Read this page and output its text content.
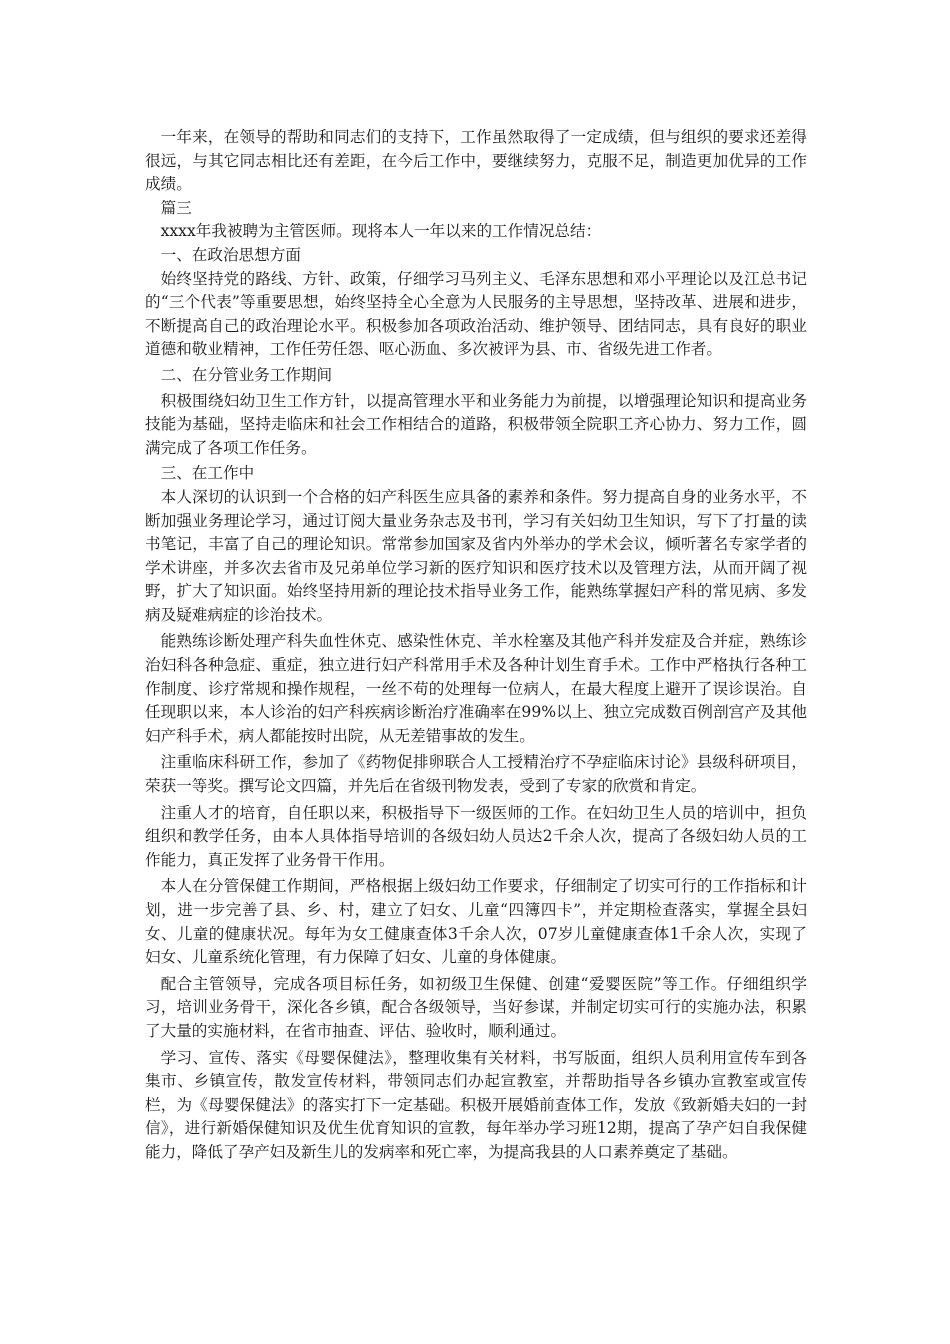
一年来，在领导的帮助和同志们的支持下，工作虽然取得了一定成绩，但与组织的要求还差得很远，与其它同志相比还有差距，在今后工作中，要继续努力，克服不足，制造更加优异的工作成绩。

篇三

xxxx年我被聘为主管医师。现将本人一年以来的工作情况总结：

一、在政治思想方面

始终坚持党的路线、方针、政策，仔细学习马列主义、毛泽东思想和邓小平理论以及江总书记的“三个代表”等重要思想，始终坚持全心全意为人民服务的主导思想，坚持改革、进展和进步，不断提高自己的政治理论水平。积极参加各项政治活动、维护领导、团结同志，具有良好的职业道德和敬业精神，工作任劳任怨、呕心沥血、多次被评为县、市、省级先进工作者。

二、在分管业务工作期间

积极围绕妇幼卫生工作方针，以提高管理水平和业务能力为前提，以增强理论知识和提高业务技能为基础，坚持走临床和社会工作相结合的道路，积极带领全院职工齐心协力、努力工作，圆满完成了各项工作任务。

三、在工作中

本人深切的认识到一个合格的妇产科医生应具备的素养和条件。努力提高自身的业务水平，不断加强业务理论学习，通过订阅大量业务杂志及书刊，学习有关妇幼卫生知识，写下了打量的读书笔记，丰富了自己的理论知识。常常参加国家及省内外举办的学术会议，倾听著名专家学者的学术讲座，并多次去省市及兄弟单位学习新的医疗知识和医疗技术以及管理方法，从而开阔了视野，扩大了知识面。始终坚持用新的理论技术指导业务工作，能熟练掌握妇产科的常见病、多发病及疑难病症的诊治技术。

能熟练诊断处理产科失血性休克、感染性休克、羊水栓塞及其他产科并发症及合并症，熟练诊治妇科各种急症、重症，独立进行妇产科常用手术及各种计划生育手术。工作中严格执行各种工作制度、诊疗常规和操作规程，一丝不苟的处理每一位病人，在最大程度上避开了误诊误治。自任现职以来，本人诊治的妇产科疾病诊断治疗准确率在99%以上、独立完成数百例剖宫产及其他妇产科手术，病人都能按时出院，从无差错事故的发生。

注重临床科研工作，参加了《药物促排卵联合人工授精治疗不孕症临床讨论》县级科研项目，荣获一等奖。撰写论文四篇，并先后在省级刊物发表，受到了专家的欣赏和肯定。

注重人才的培育，自任职以来，积极指导下一级医师的工作。在妇幼卫生人员的培训中，担负组织和教学任务，由本人具体指导培训的各级妇幼人员达2千余人次，提高了各级妇幼人员的工作能力，真正发挥了业务骨干作用。

本人在分管保健工作期间，严格根据上级妇幼工作要求，仔细制定了切实可行的工作指标和计划，进一步完善了县、乡、村，建立了妇女、儿童“四簿四卡”，并定期检查落实，掌握全县妇女、儿童的健康状况。每年为女工健康查体3千余人次，07岁儿童健康查体1千余人次，实现了妇女、儿童系统化管理，有力保障了妇女、儿童的身体健康。

配合主管领导，完成各项目标任务，如初级卫生保健、创建“爱婴医院”等工作。仔细组织学习，培训业务骨干，深化各乡镇，配合各级领导，当好参谋，并制定切实可行的实施办法，积累了大量的实施材料，在省市抽查、评估、验收时，顺利通过。

学习、宣传、落实《母婴保健法》，整理收集有关材料，书写版面，组织人员利用宣传车到各集市、乡镇宣传，散发宣传材料，带领同志们办起宣教室，并帮助指导各乡镇办宣教室或宣传栏，为《母婴保健法》的落实打下一定基础。积极开展婚前查体工作，发放《致新婚夫妇的一封信》，进行新婚保健知识及优生优育知识的宣教，每年举办学习班12期，提高了孕产妇自我保健能力，降低了孕产妇及新生儿的发病率和死亡率，为提高我县的人口素养奠定了基础。
